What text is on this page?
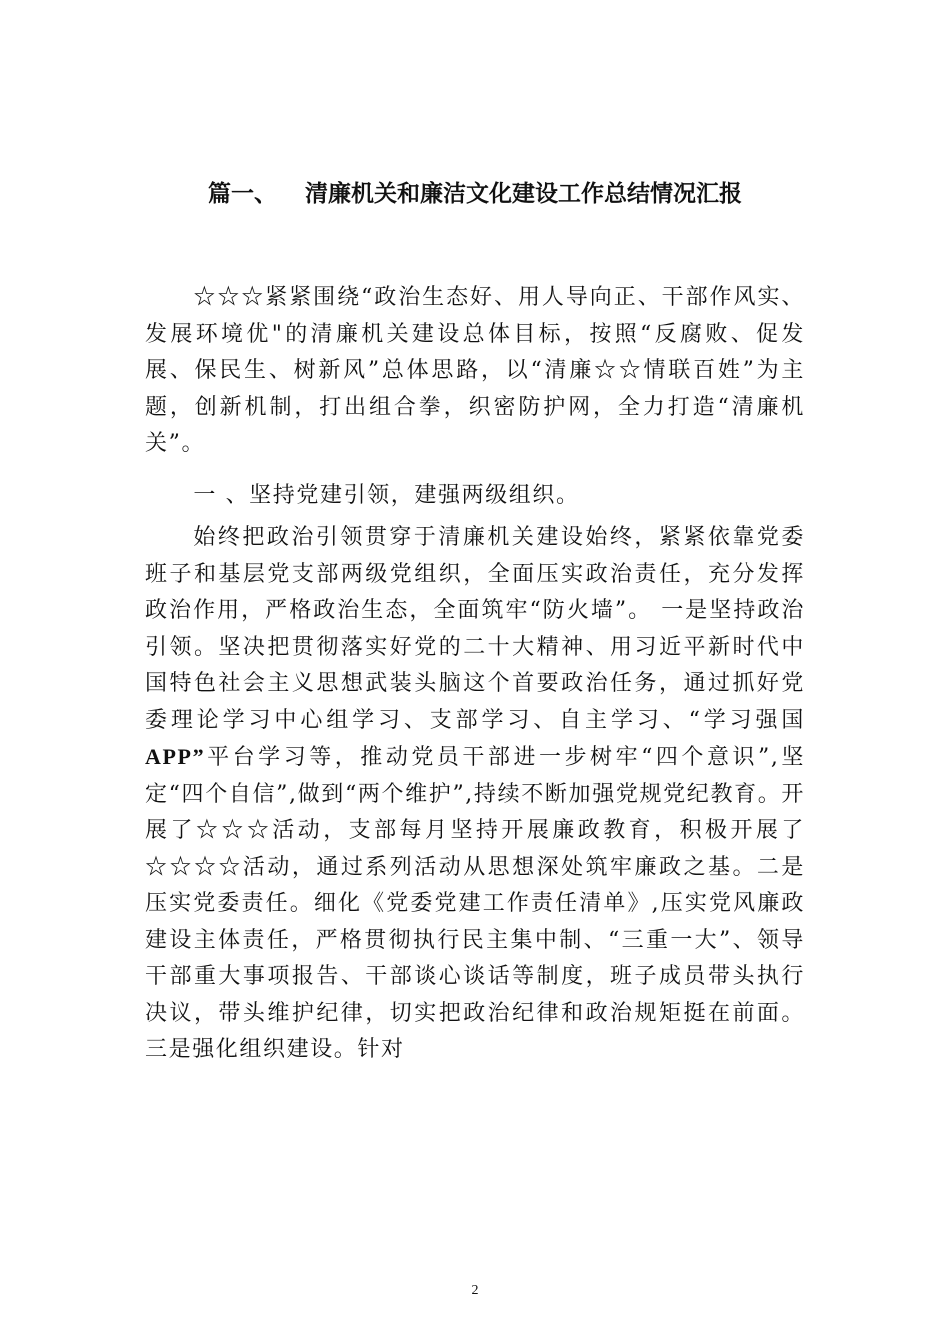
篇一、 清廉机关和廉洁文化建设工作总结情况汇报

☆☆☆紧紧围绕“政治生态好、用人导向正、干部作风实、发展环境优"的清廉机关建设总体目标，按照“反腐败、促发展、保民生、树新风”总体思路，以“清廉☆☆情联百姓”为主题，创新机制，打出组合拳，织密防护网，全力打造“清廉机关”。

一 、坚持党建引领，建强两级组织。

始终把政治引领贯穿于清廉机关建设始终，紧紧依靠党委班子和基层党支部两级党组织，全面压实政治责任，充分发挥政治作用，严格政治生态，全面筑牢“防火墙”。 一是坚持政治引领。坚决把贯彻落实好党的二十大精神、用习近平新时代中国特色社会主义思想武装头脑这个首要政治任务，通过抓好党委理论学习中心组学习、支部学习、自主学习、“学习强国APP”平台学习等，推动党员干部进一步树牢“四个意识”,坚定“四个自信”,做到“两个维护”,持续不断加强党规党纪教育。开展了☆☆☆活动，支部每月坚持开展廉政教育，积极开展了☆☆☆☆活动，通过系列活动从思想深处筑牢廉政之基。二是压实党委责任。细化《党委党建工作责任清单》,压实党风廉政建设主体责任，严格贯彻执行民主集中制、“三重一大”、领导干部重大事项报告、干部谈心谈话等制度，班子成员带头执行决议，带头维护纪律，切实把政治纪律和政治规矩挺在前面。三是强化组织建设。针对

2
